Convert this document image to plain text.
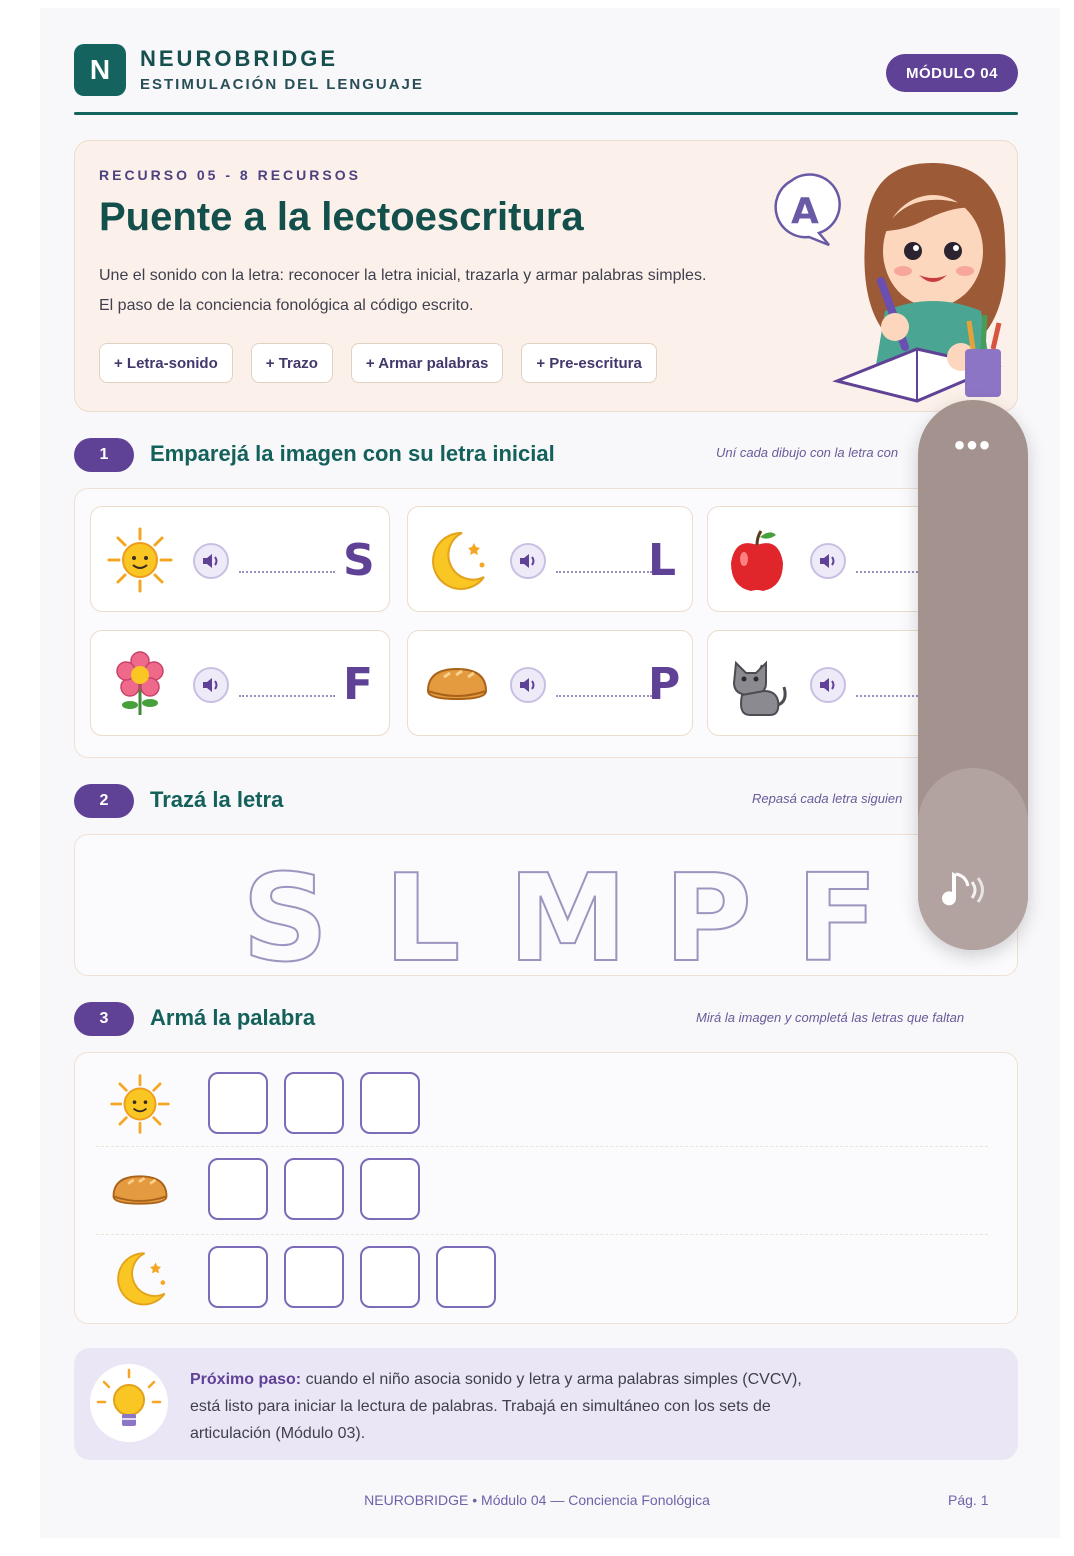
N NEUROBRIDGE
ESTIMULACIÓN DEL LENGUAJE
MÓDULO 04
RECURSO 05 - 8 RECURSOS
Puente a la lectoescritura
Une el sonido con la letra: reconocer la letra inicial, trazarla y armar palabras simples.
El paso de la conciencia fonológica al código escrito.
+ Letra-sonido	+ Trazo	+ Armar palabras	+ Pre-escritura
A
1	Emparejá la imagen con su letra inicial	Uní cada dibujo con la letra con
S	L
F	P
2	Trazá la letra	Repasá cada letra siguien
S L M P F
3	Armá la palabra	Mirá la imagen y completá las letras que faltan
Próximo paso: cuando el niño asocia sonido y letra y arma palabras simples (CVCV),
está listo para iniciar la lectura de palabras. Trabajá en simultáneo con los sets de
articulación (Módulo 03).
NEUROBRIDGE • Módulo 04 — Conciencia Fonológica	Pág. 1
•••
